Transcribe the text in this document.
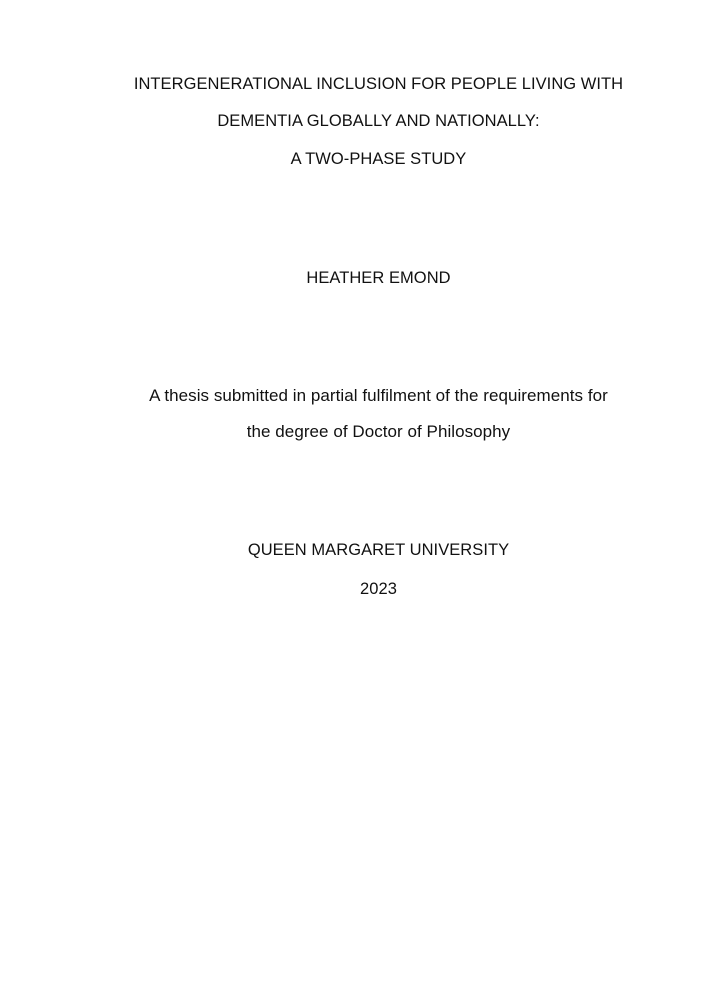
INTERGENERATIONAL INCLUSION FOR PEOPLE LIVING WITH
DEMENTIA GLOBALLY AND NATIONALLY:
A TWO-PHASE STUDY
HEATHER EMOND
A thesis submitted in partial fulfilment of the requirements for
the degree of Doctor of Philosophy
QUEEN MARGARET UNIVERSITY
2023
